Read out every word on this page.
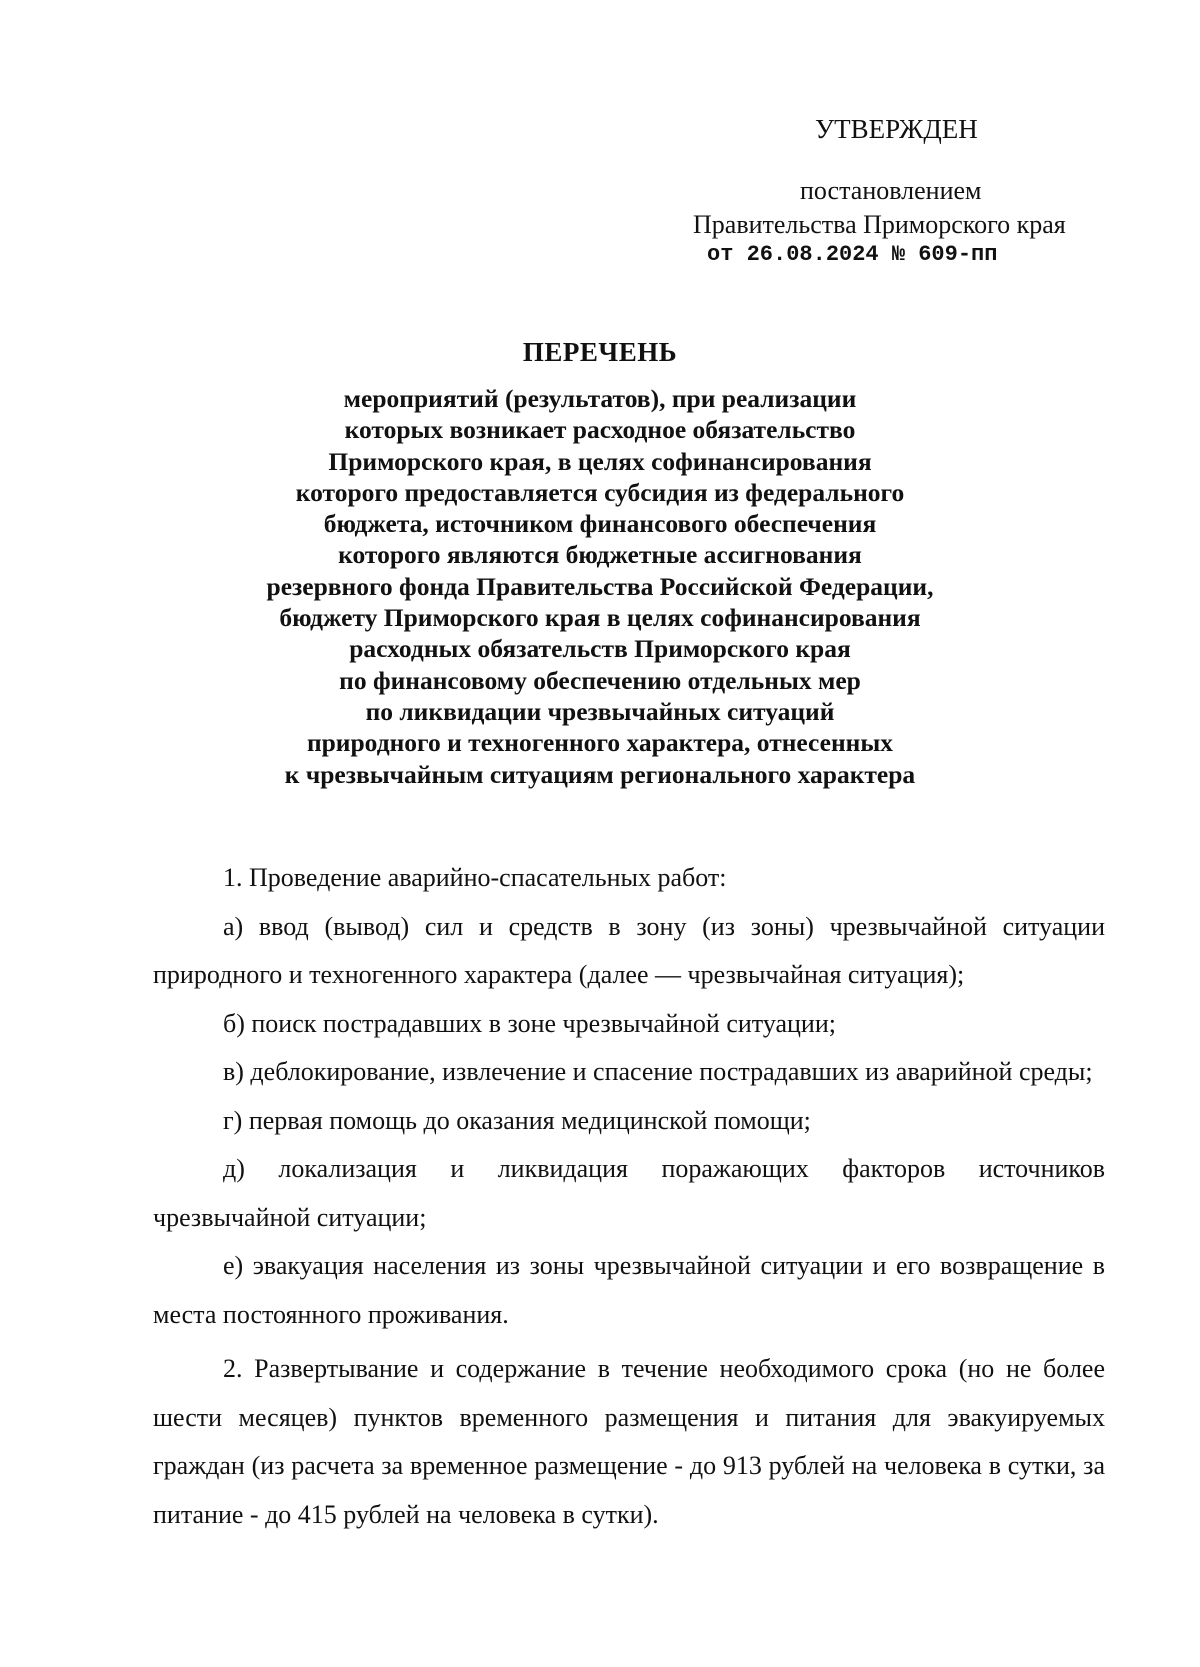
УТВЕРЖДЕН
постановлением
Правительства Приморского края
от 26.08.2024 № 609-пп
ПЕРЕЧЕНЬ
мероприятий (результатов), при реализации
которых возникает расходное обязательство
Приморского края, в целях софинансирования
которого предоставляется субсидия из федерального
бюджета, источником финансового обеспечения
которого являются бюджетные ассигнования
резервного фонда Правительства Российской Федерации,
бюджету Приморского края в целях софинансирования
расходных обязательств Приморского края
по финансовому обеспечению отдельных мер
по ликвидации чрезвычайных ситуаций
природного и техногенного характера, отнесенных
к чрезвычайным ситуациям регионального характера

1. Проведение аварийно-спасательных работ:

а) ввод (вывод) сил и средств в зону (из зоны) чрезвычайной ситуации природного и техногенного характера (далее — чрезвычайная ситуация);

б) поиск пострадавших в зоне чрезвычайной ситуации;

в) деблокирование, извлечение и спасение пострадавших из аварийной среды;

г) первая помощь до оказания медицинской помощи;

д) локализация и ликвидация поражающих факторов источников чрезвычайной ситуации;

е) эвакуация населения из зоны чрезвычайной ситуации и его возвращение в места постоянного проживания.

2. Развертывание и содержание в течение необходимого срока (но не более шести месяцев) пунктов временного размещения и питания для эвакуируемых граждан (из расчета за временное размещение - до 913 рублей на человека в сутки, за питание - до 415 рублей на человека в сутки).
